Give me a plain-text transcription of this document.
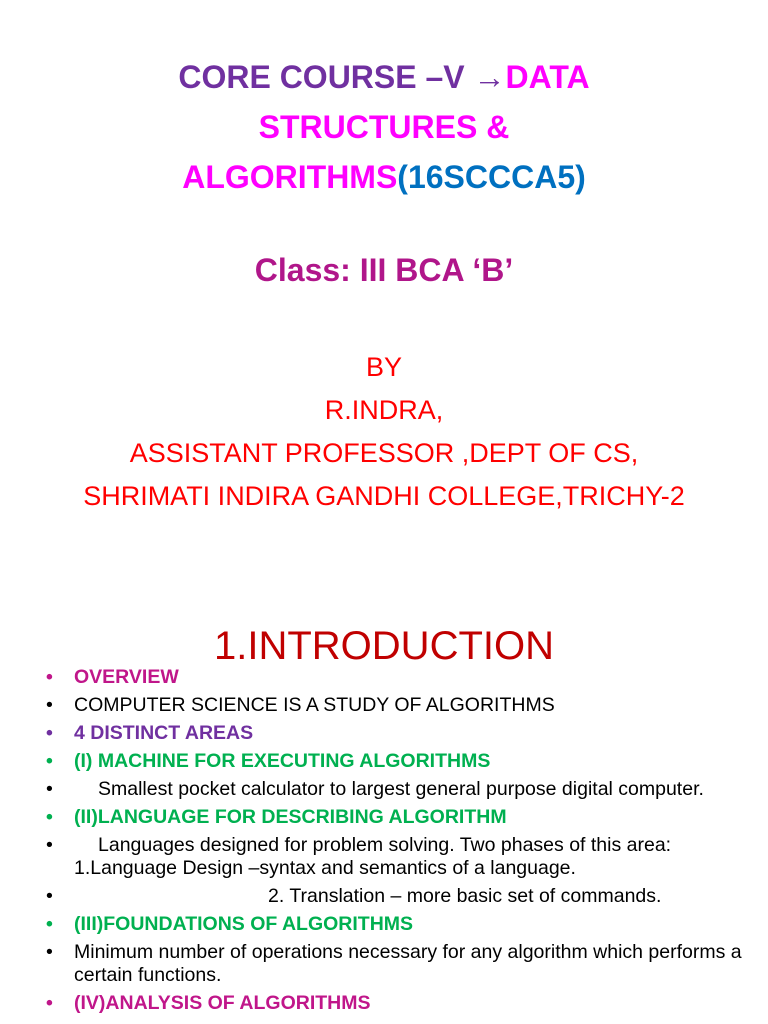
CORE COURSE –V →DATA
STRUCTURES &
ALGORITHMS(16SCCCA5)
Class: III BCA ‘B’
BY
R.INDRA,
ASSISTANT PROFESSOR ,DEPT OF CS,
SHRIMATI INDIRA GANDHI COLLEGE,TRICHY-2
1.INTRODUCTION
• OVERVIEW
• COMPUTER SCIENCE IS A STUDY OF ALGORITHMS
• 4 DISTINCT AREAS
• (I) MACHINE FOR EXECUTING ALGORITHMS
• Smallest pocket calculator to largest general purpose digital computer.
• (II)LANGUAGE FOR DESCRIBING ALGORITHM
• Languages designed for problem solving. Two phases of this area: 1.Language Design –syntax and semantics of a language.
•	2. Translation – more basic set of commands.
• (III)FOUNDATIONS OF ALGORITHMS
• Minimum number of operations necessary for any algorithm which performs a certain functions.
• (IV)ANALYSIS OF ALGORITHMS
